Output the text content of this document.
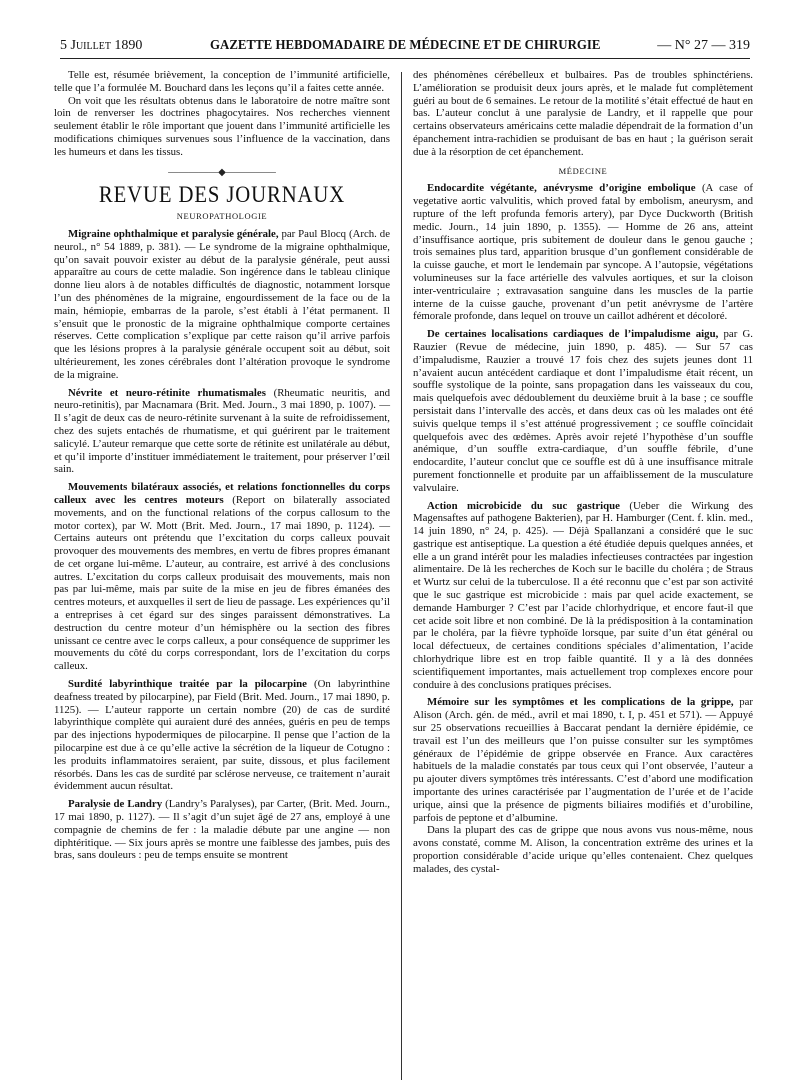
5 Juillet 1890	GAZETTE HEBDOMADAIRE DE MÉDECINE ET DE CHIRURGIE	— N° 27 — 319

Telle est, résumée brièvement, la conception de l’immunité artificielle, telle que l’a formulée M. Bouchard dans les leçons qu’il a faites cette année.

On voit que les résultats obtenus dans le laboratoire de notre maître sont loin de renverser les doctrines phagocytaires. Nos recherches viennent seulement établir le rôle important que jouent dans l’immunité artificielle les modifications chimiques survenues sous l’influence de la vaccination, dans les humeurs et dans les tissus.

—————◆—————
REVUE DES JOURNAUX
NEUROPATHOLOGIE

Migraine ophthalmique et paralysie générale, par Paul Blocq (Arch. de neurol., n° 54 1889, p. 381). — Le syndrome de la migraine ophthalmique, qu’on savait pouvoir exister au début de la paralysie générale, peut aussi apparaître au cours de cette maladie. Son ingérence dans le tableau clinique donne lieu alors à de notables difficultés de diagnostic, notamment lorsque l’un des phénomènes de la migraine, engourdissement de la face ou de la main, hémiopie, embarras de la parole, s’est établi à l’état permanent. Il s’ensuit que le pronostic de la migraine ophthalmique comporte certaines réserves. Cette complication s’explique par cette raison qu’il arrive parfois que les lésions propres à la paralysie générale occupent soit au début, soit ultérieurement, les zones cérébrales dont l’altération provoque le syndrome de la migraine.

Névrite et neuro-rétinite rhumatismales (Rheumatic neuritis, and neuro-retinitis), par Macnamara (Brit. Med. Journ., 3 mai 1890, p. 1007). — Il s’agit de deux cas de neuro-rétinite survenant à la suite de refroidissement, chez des sujets entachés de rhumatisme, et qui guérirent par le traitement salicylé. L’auteur remarque que cette sorte de rétinite est unilatérale au début, et qu’il importe d’instituer immédiatement le traitement, pour préserver l’œil sain.

Mouvements bilatéraux associés, et relations fonctionnelles du corps calleux avec les centres moteurs (Report on bilaterally associated movements, and on the functional relations of the corpus callosum to the motor cortex), par W. Mott (Brit. Med. Journ., 17 mai 1890, p. 1124). — Certains auteurs ont prétendu que l’excitation du corps calleux pouvait provoquer des mouvements des membres, en vertu de fibres propres émanant de cet organe lui-même. L’auteur, au contraire, est arrivé à des conclusions autres. L’excitation du corps calleux produisait des mouvements, mais non pas par lui-même, mais par suite de la mise en jeu de fibres émanées des centres moteurs, et auxquelles il sert de lieu de passage. Les expériences qu’il a entreprises à cet égard sur des singes paraissent démonstratives. La destruction du centre moteur d’un hémisphère ou la section des fibres unissant ce centre avec le corps calleux, a pour conséquence de supprimer les mouvements du côté du corps correspondant, lors de l’excitation du corps calleux.

Surdité labyrinthique traitée par la pilocarpine (On labyrinthine deafness treated by pilocarpine), par Field (Brit. Med. Journ., 17 mai 1890, p. 1125). — L’auteur rapporte un certain nombre (20) de cas de surdité labyrinthique complète qui auraient duré des années, guéris en peu de temps par des injections hypodermiques de pilocarpine. Il pense que l’action de la pilocarpine est due à ce qu’elle active la sécrétion de la liqueur de Cotugno : les produits inflammatoires seraient, par suite, dissous, et plus facilement résorbés. Dans les cas de surdité par sclérose nerveuse, ce traitement n’aurait évidemment aucun résultat.

Paralysie de Landry (Landry’s Paralyses), par Carter, (Brit. Med. Journ., 17 mai 1890, p. 1127). — Il s’agit d’un sujet âgé de 27 ans, employé à une compagnie de chemins de fer : la maladie débute par une angine — non diphtéritique. — Six jours après se montre une faiblesse des jambes, puis des bras, sans douleurs : peu de temps ensuite se montrent

des phénomènes cérébelleux et bulbaires. Pas de troubles sphinctériens. L’amélioration se produisit deux jours après, et le malade fut complètement guéri au bout de 6 semaines. Le retour de la motilité s’était effectué de haut en bas. L’auteur conclut à une paralysie de Landry, et il rappelle que pour certains observateurs américains cette maladie dépendrait de la formation d’un épanchement intra-rachidien se produisant de bas en haut ; la guérison serait due à la résorption de cet épanchement.

MÉDECINE

Endocardite végétante, anévrysme d’origine embolique (A case of vegetative aortic valvulitis, which proved fatal by embolism, aneurysm, and rupture of the left profunda femoris artery), par Dyce Duckworth (British medic. Journ., 14 juin 1890, p. 1355). — Homme de 26 ans, atteint d’insuffisance aortique, pris subitement de douleur dans le genou gauche ; trois semaines plus tard, apparition brusque d’un gonflement considérable de la cuisse gauche, et mort le lendemain par syncope. A l’autopsie, végétations volumineuses sur la face artérielle des valvules aortiques, et sur la cloison inter-ventriculaire ; extravasation sanguine dans les muscles de la partie interne de la cuisse gauche, provenant d’un petit anévrysme de l’artère fémorale profonde, dans lequel on trouve un caillot adhérent et décoloré.

De certaines localisations cardiaques de l’impaludisme aigu, par G. Rauzier (Revue de médecine, juin 1890, p. 485). — Sur 57 cas d’impaludisme, Rauzier a trouvé 17 fois chez des sujets jeunes dont 11 n’avaient aucun antécédent cardiaque et dont l’impaludisme était récent, un souffle systolique de la pointe, sans propagation dans les vaisseaux du cou, mais quelquefois avec dédoublement du deuxième bruit à la base ; ce souffle persistait dans l’intervalle des accès, et dans deux cas où les malades ont été suivis quelque temps il s’est atténué progressivement ; ce souffle coïncidait quelquefois avec des œdèmes. Après avoir rejeté l’hypothèse d’un souffle anémique, d’un souffle extra-cardiaque, d’un souffle fébrile, d’une endocardite, l’auteur conclut que ce souffle est dû à une insuffisance mitrale purement fonctionnelle et produite par un affaiblissement de la musculature valvulaire.

Action microbicide du suc gastrique (Ueber die Wirkung des Magensaftes auf pathogene Bakterien), par H. Hamburger (Cent. f. klin. med., 14 juin 1890, n° 24, p. 425). — Déjà Spallanzani a considéré que le suc gastrique est antiseptique. La question a été étudiée depuis quelques années, et elle a un grand intérêt pour les maladies infectieuses contractées par ingestion alimentaire. De là les recherches de Koch sur le bacille du choléra ; de Straus et Wurtz sur celui de la tuberculose. Il a été reconnu que c’est par son activité que le suc gastrique est microbicide : mais par quel acide exactement, se demande Hamburger ? C’est par l’acide chlorhydrique, et encore faut-il que cet acide soit libre et non combiné. De là la prédisposition à la contamination par le choléra, par la fièvre typhoïde lorsque, par suite d’un état général ou local défectueux, de certaines conditions spéciales d’alimentation, l’acide chlorhydrique libre est en trop faible quantité. Il y a là des données scientifiquement importantes, mais actuellement trop complexes encore pour conduire à des conclusions pratiques précises.

Mémoire sur les symptômes et les complications de la grippe, par Alison (Arch. gén. de méd., avril et mai 1890, t. I, p. 451 et 571). — Appuyé sur 25 observations recueillies à Baccarat pendant la dernière épidémie, ce travail est l’un des meilleurs que l’on puisse consulter sur les symptômes généraux de l’épidémie de grippe observée en France. Aux caractères habituels de la maladie constatés par tous ceux qui l’ont observée, l’auteur a pu ajouter divers symptômes très intéressants. C’est d’abord une modification importante des urines caractérisée par l’augmentation de l’urée et de l’acide urique, ainsi que la présence de pigments biliaires modifiés et d’urobiline, parfois de peptone et d’albumine.

Dans la plupart des cas de grippe que nous avons vus nous-même, nous avons constaté, comme M. Alison, la concentration extrême des urines et la proportion considérable d’acide urique qu’elles contenaient. Chez quelques malades, des cystal-
